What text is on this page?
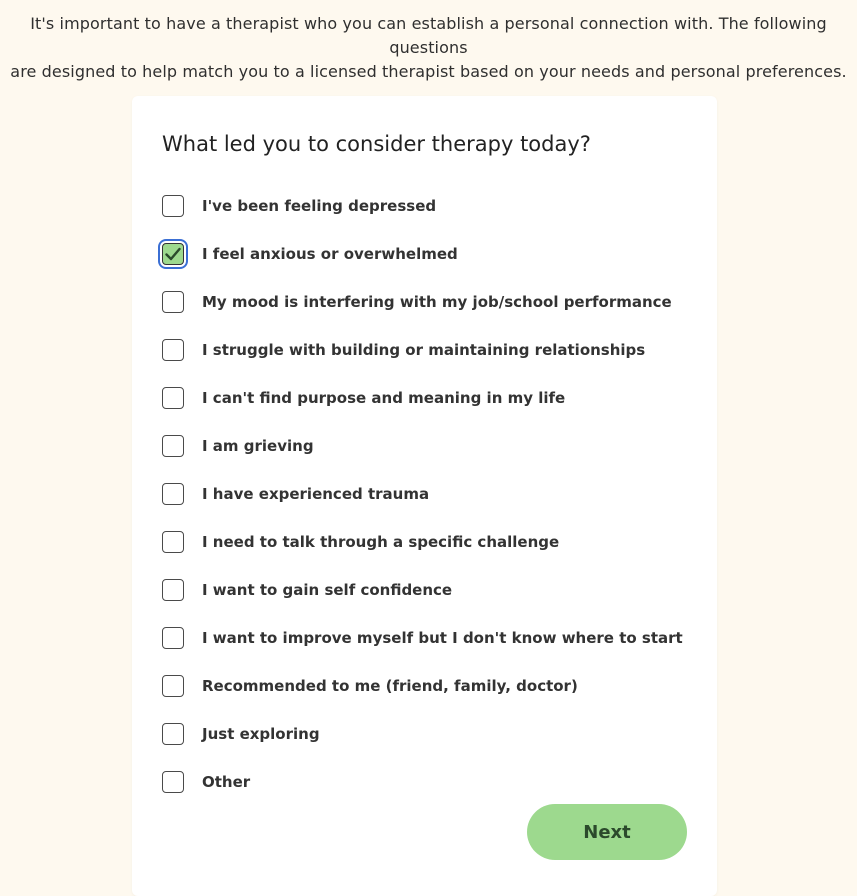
It's important to have a therapist who you can establish a personal connection with. The following questions
are designed to help match you to a licensed therapist based on your needs and personal preferences.

What led you to consider therapy today?
I've been feeling depressed
I feel anxious or overwhelmed
My mood is interfering with my job/school performance
I struggle with building or maintaining relationships
I can't find purpose and meaning in my life
I am grieving
I have experienced trauma
I need to talk through a specific challenge
I want to gain self confidence
I want to improve myself but I don't know where to start
Recommended to me (friend, family, doctor)
Just exploring
Other
Next
